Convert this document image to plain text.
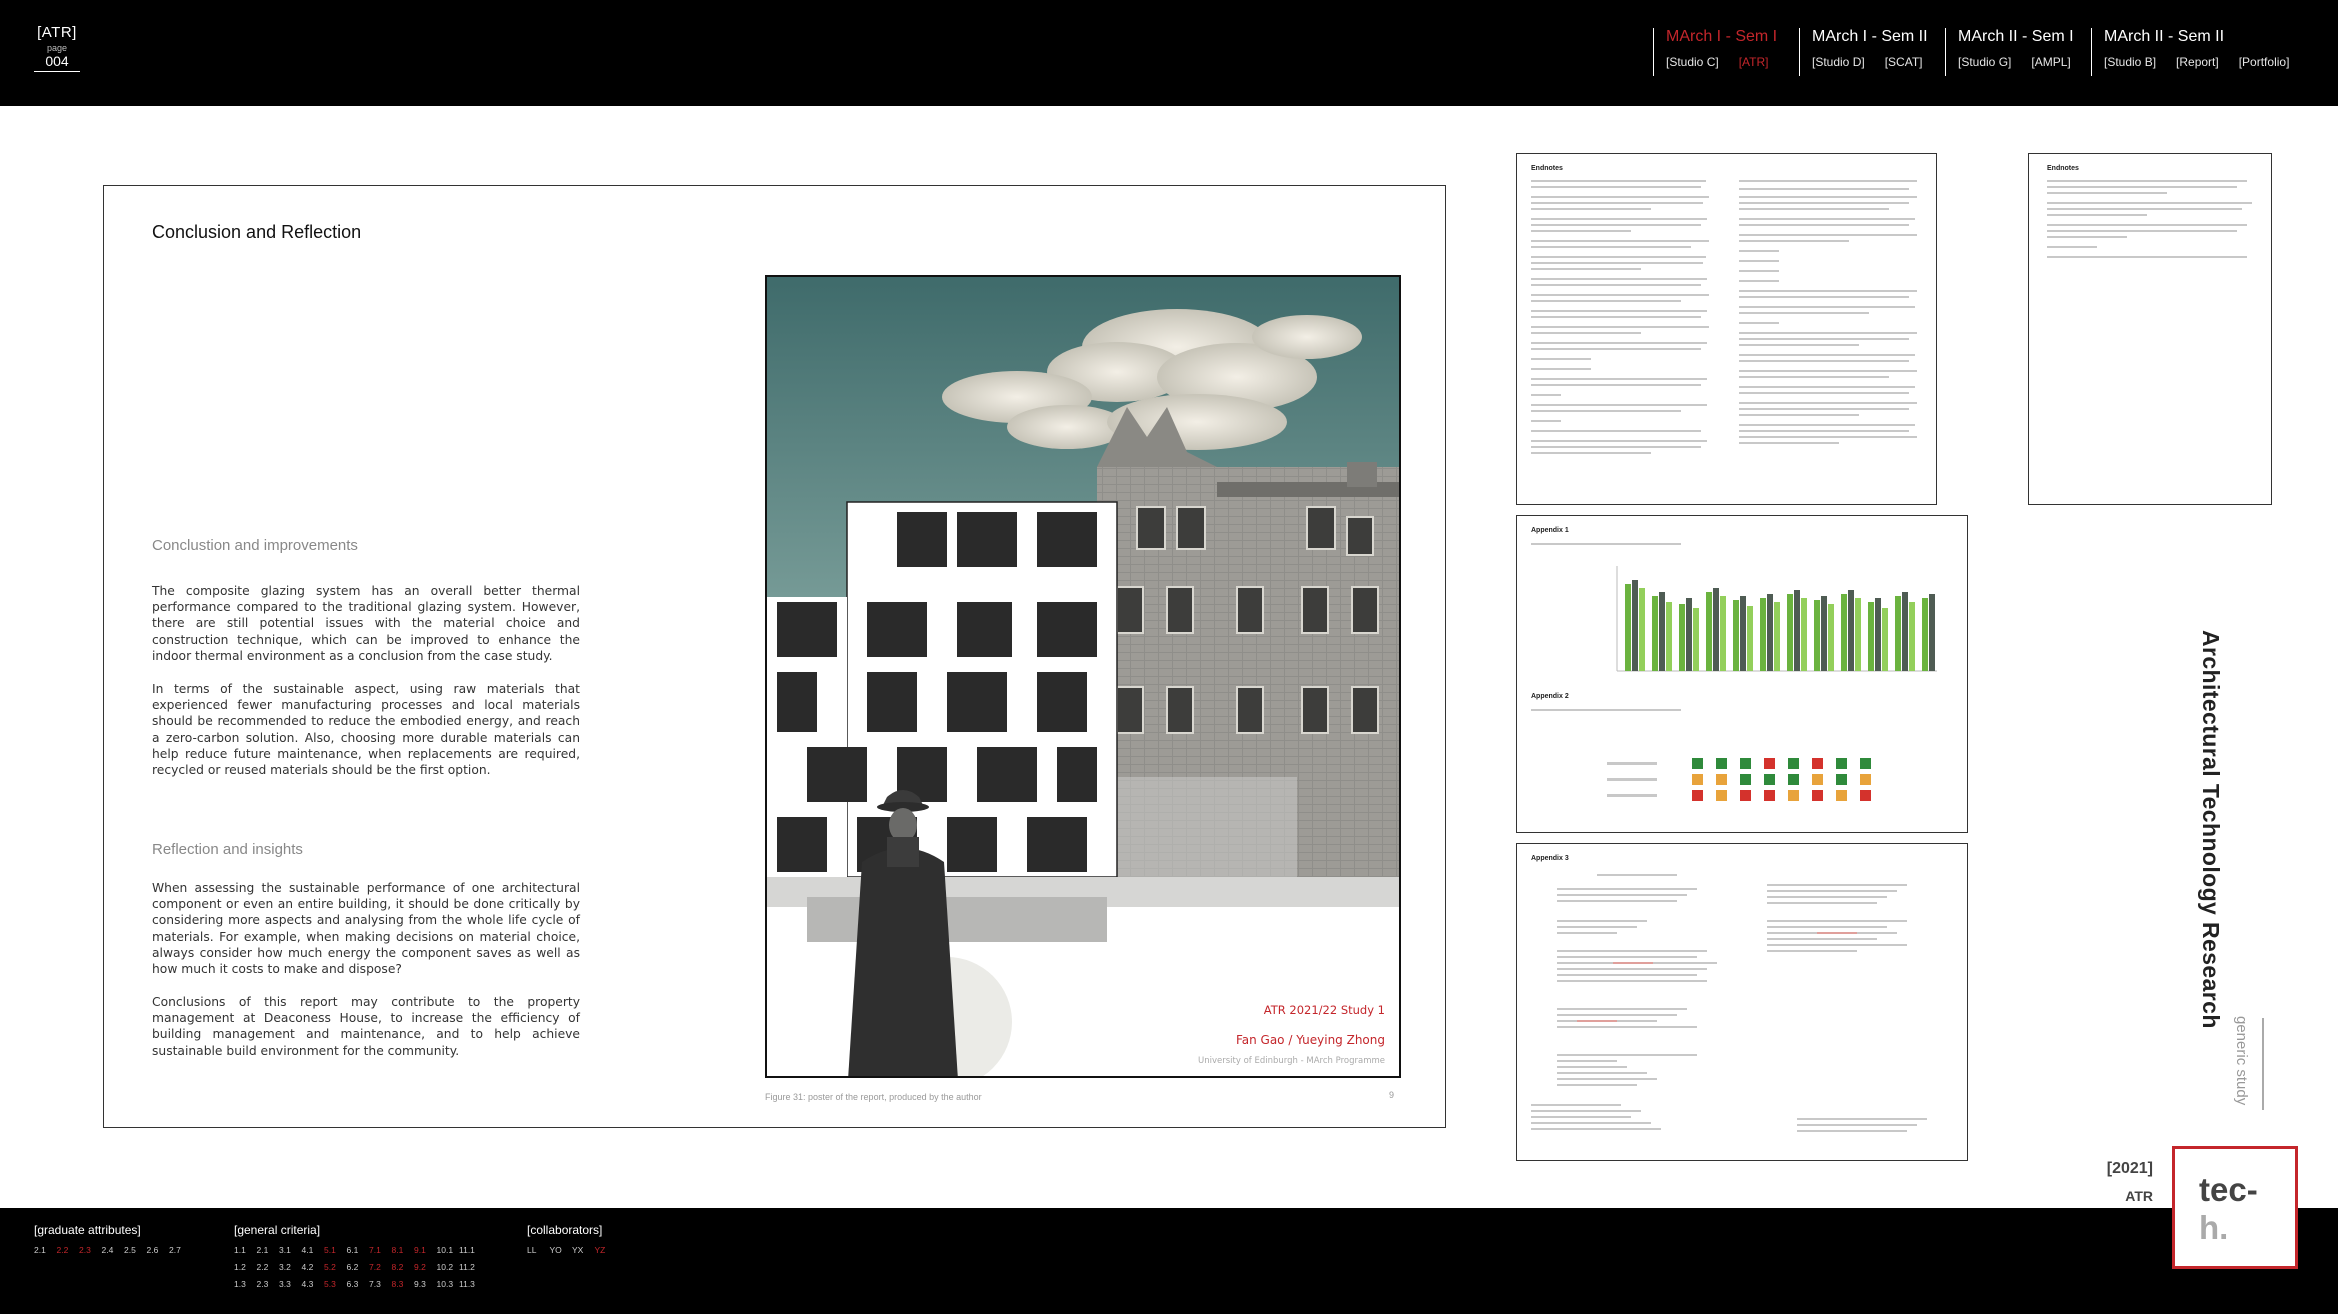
[ATR]
page
004
MArch I - Sem I
[Studio C] [ATR]
MArch I - Sem II
[Studio D] [SCAT]
MArch II - Sem I
[Studio G] [AMPL]
MArch II - Sem II
[Studio B] [Report] [Portfolio]
Conclusion and Reflection
Conclustion and improvements
The composite glazing system has an overall better thermal performance compared to the traditional glazing system. However, there are still potential issues with the material choice and construction technique, which can be improved to enhance the indoor thermal environment as a conclusion from the case study.
In terms of the sustainable aspect, using raw materials that experienced fewer manufacturing processes and local materials should be recommended to reduce the embodied energy, and reach a zero-carbon solution. Also, choosing more durable materials can help reduce future maintenance, when replacements are required, recycled or reused materials should be the first option.
Reflection and insights
When assessing the sustainable performance of one architectural component or even an entire building, it should be done critically by considering more aspects and analysing from the whole life cycle of materials. For example, when making decisions on material choice, always consider how much energy the component saves as well as how much it costs to make and dispose?
Conclusions of this report may contribute to the property management at Deaconess House, to increase the efficiency of building management and maintenance, and to help achieve sustainable build environment for the community.
ATR 2021/22 Study 1
Fan Gao / Yueying Zhong
University of Edinburgh - MArch Programme
Figure 31: poster of the report, produced by the author	9
Endnotes	Endnotes
Appendix 1
Appendix 2
Appendix 3	Architectural Technology Research
generic study
[2021]
ATR
[graduate attributes]
2.1 2.2 2.3 2.4 2.5 2.6 2.7
[general criteria]
1.1 2.1 3.1 4.1 5.1 6.1 7.1 8.1 9.1 10.1 11.1
1.2 2.2 3.2 4.2 5.2 6.2 7.2 8.2 9.2 10.2 11.2
1.3 2.3 3.3 4.3 5.3 6.3 7.3 8.3 9.3 10.3 11.3
[collaborators]
LL YO YX YZ
tec-
h.
